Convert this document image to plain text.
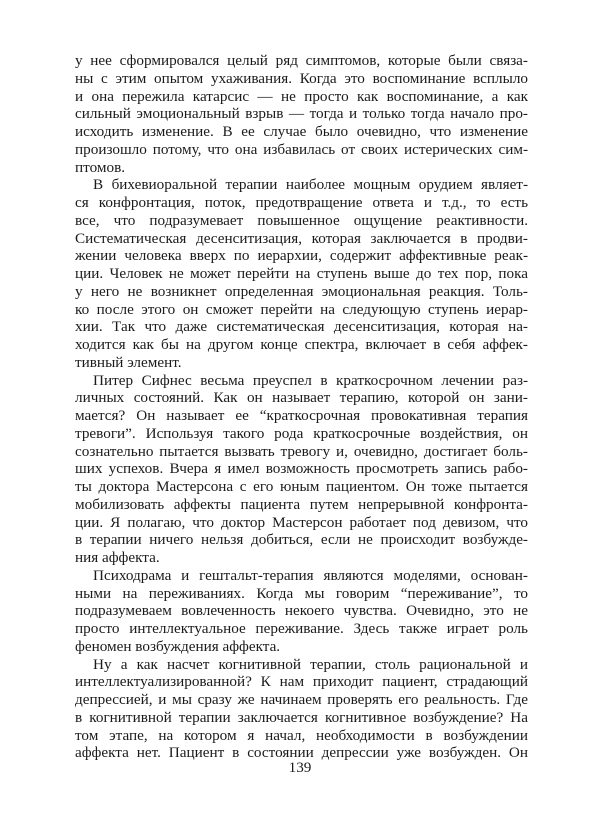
у нее сформировался целый ряд симптомов, которые были связа-
ны с этим опытом ухаживания. Когда это воспоминание всплыло
и она пережила катарсис — не просто как воспоминание, а как
сильный эмоциональный взрыв — тогда и только тогда начало про-
исходить изменение. В ее случае было очевидно, что изменение
произошло потому, что она избавилась от своих истерических сим-
птомов.
В бихевиоральной терапии наиболее мощным орудием являет-
ся конфронтация, поток, предотвращение ответа и т.д., то есть
все, что подразумевает повышенное ощущение реактивности.
Систематическая десенситизация, которая заключается в продви-
жении человека вверх по иерархии, содержит аффективные реак-
ции. Человек не может перейти на ступень выше до тех пор, пока
у него не возникнет определенная эмоциональная реакция. Толь-
ко после этого он сможет перейти на следующую ступень иерар-
хии. Так что даже систематическая десенситизация, которая на-
ходится как бы на другом конце спектра, включает в себя аффек-
тивный элемент.
Питер Сифнес весьма преуспел в краткосрочном лечении раз-
личных состояний. Как он называет терапию, которой он зани-
мается? Он называет ее “краткосрочная провокативная терапия
тревоги”. Используя такого рода краткосрочные воздействия, он
сознательно пытается вызвать тревогу и, очевидно, достигает боль-
ших успехов. Вчера я имел возможность просмотреть запись рабо-
ты доктора Мастерсона с его юным пациентом. Он тоже пытается
мобилизовать аффекты пациента путем непрерывной конфронта-
ции. Я полагаю, что доктор Мастерсон работает под девизом, что
в терапии ничего нельзя добиться, если не происходит возбужде-
ния аффекта.
Психодрама и гештальт-терапия являются моделями, основан-
ными на переживаниях. Когда мы говорим “переживание”, то
подразумеваем вовлеченность некоего чувства. Очевидно, это не
просто интеллектуальное переживание. Здесь также играет роль
феномен возбуждения аффекта.
Ну а как насчет когнитивной терапии, столь рациональной и
интеллектуализированной? К нам приходит пациент, страдающий
депрессией, и мы сразу же начинаем проверять его реальность. Где
в когнитивной терапии заключается когнитивное возбуждение? На
том этапе, на котором я начал, необходимости в возбуждении
аффекта нет. Пациент в состоянии депрессии уже возбужден. Он
139
